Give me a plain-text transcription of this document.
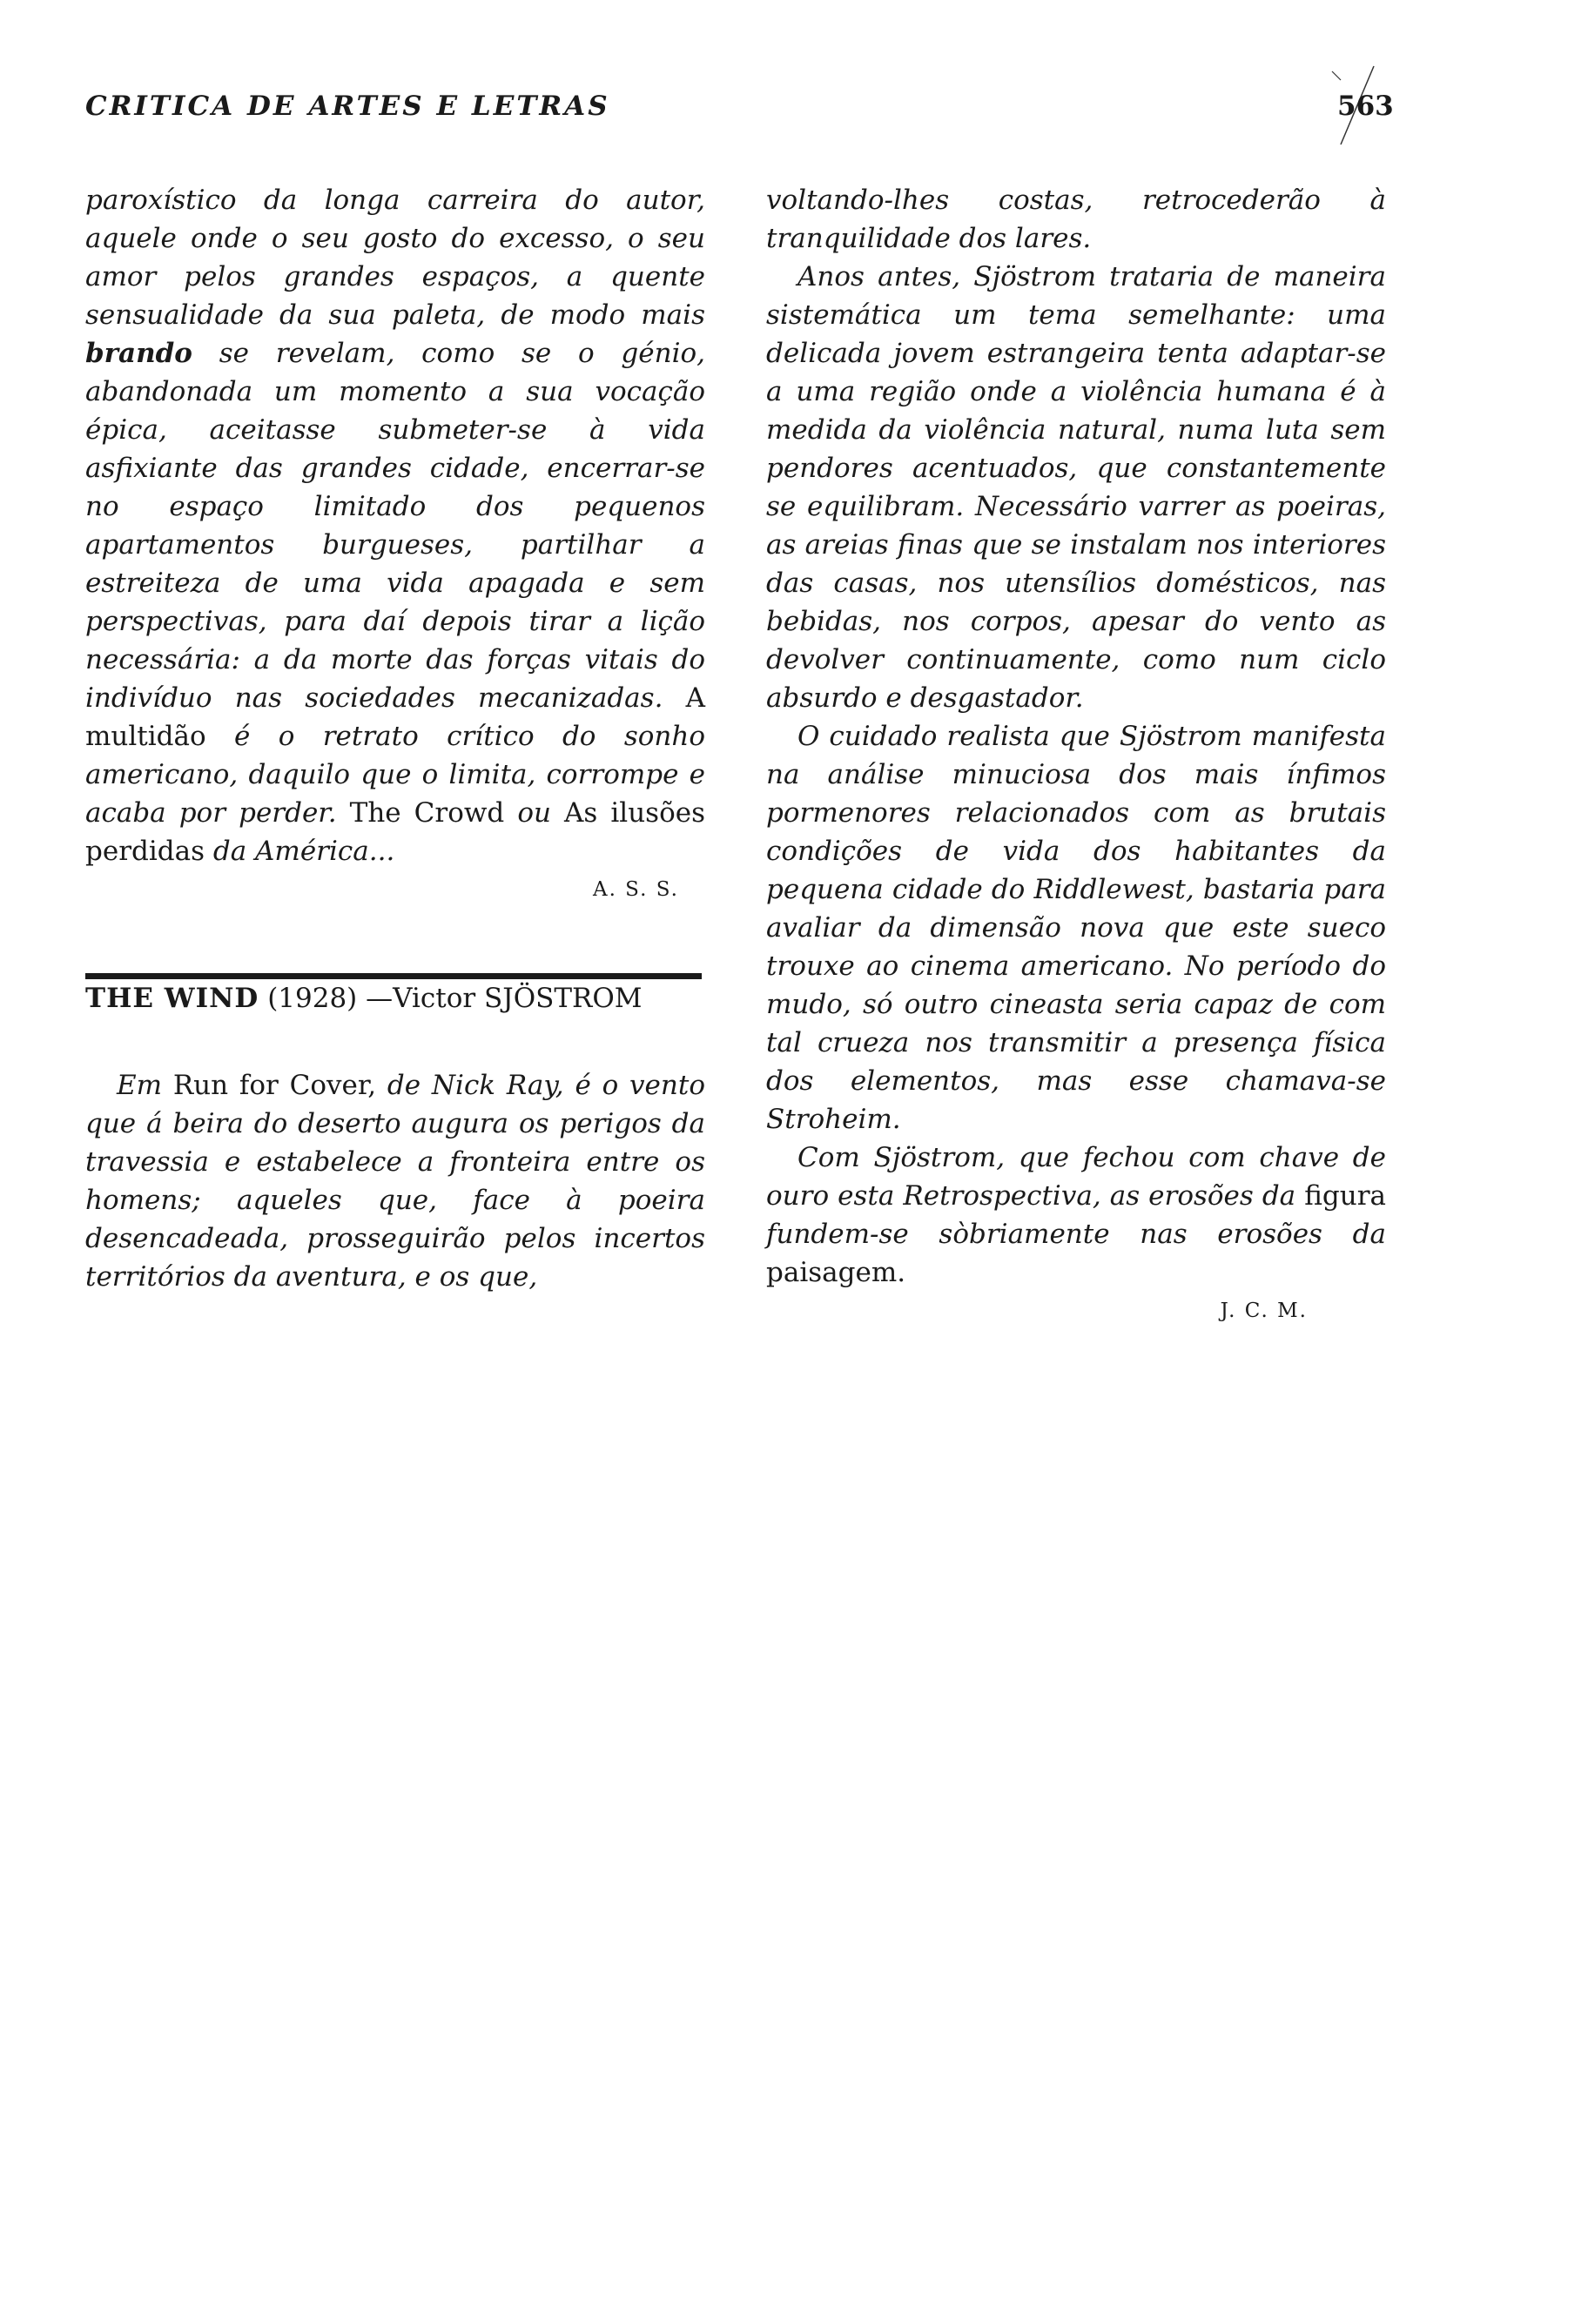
CRITICA DE ARTES E LETRAS	563

paroxístico da longa carreira do autor, aquele onde o seu gosto do excesso, o seu amor pelos grandes espaços, a quente sensualidade da sua paleta, de modo mais brando se revelam, como se o génio, abandonada um momento a sua vocação épica, aceitasse submeter-se à vida asfixiante das grandes cidade, encerrar-se no espaço limitado dos pequenos apartamentos burgueses, partilhar a estreiteza de uma vida apagada e sem perspectivas, para daí depois tirar a lição necessária: a da morte das forças vitais do indivíduo nas sociedades mecanizadas. A multidão é o retrato crítico do sonho americano, daquilo que o limita, corrompe e acaba por perder. The Crowd ou As ilusões perdidas da América...

A. S. S.

THE WIND (1928) —Victor SJÖSTROM

Em Run for Cover, de Nick Ray, é o vento que á beira do deserto augura os perigos da travessia e estabelece a fronteira entre os homens; aqueles que, face à poeira desencadeada, prosseguirão pelos incertos territórios da aventura, e os que,

voltando-lhes costas, retrocederão à tranquilidade dos lares.

Anos antes, Sjöstrom trataria de maneira sistemática um tema semelhante: uma delicada jovem estrangeira tenta adaptar-se a uma região onde a violência humana é à medida da violência natural, numa luta sem pendores acentuados, que constantemente se equilibram. Necessário varrer as poeiras, as areias finas que se instalam nos interiores das casas, nos utensílios domésticos, nas bebidas, nos corpos, apesar do vento as devolver continuamente, como num ciclo absurdo e desgastador.

O cuidado realista que Sjöstrom manifesta na análise minuciosa dos mais ínfimos pormenores relacionados com as brutais condições de vida dos habitantes da pequena cidade do Riddlewest, bastaria para avaliar da dimensão nova que este sueco trouxe ao cinema americano. No período do mudo, só outro cineasta seria capaz de com tal crueza nos transmitir a presença física dos elementos, mas esse chamava-se Stroheim.

Com Sjöstrom, que fechou com chave de ouro esta Retrospectiva, as erosões da figura fundem-se sòbriamente nas erosões da paisagem.

J. C. M.
